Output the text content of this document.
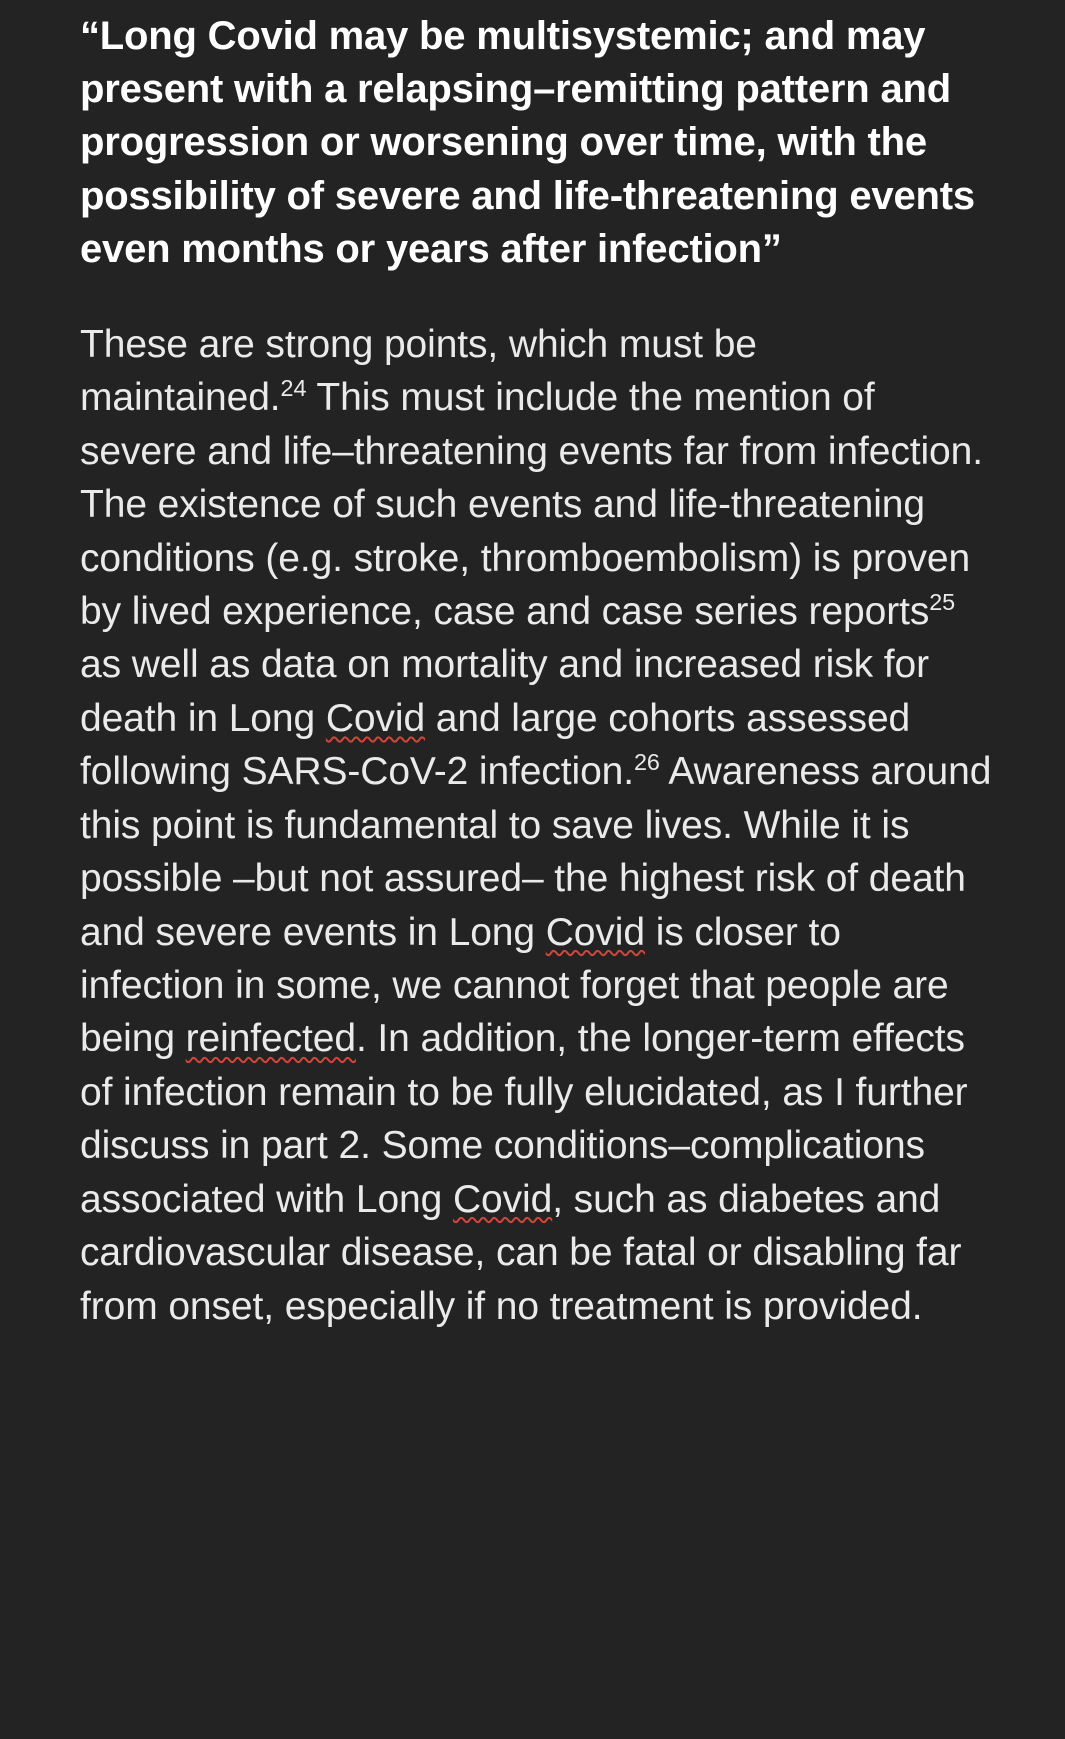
“Long Covid may be multisystemic; and may present with a relapsing–remitting pattern and progression or worsening over time, with the possibility of severe and life-threatening events even months or years after infection”

These are strong points, which must be maintained.$^{24}$ This must include the mention of severe and life–threatening events far from infection. The existence of such events and life-threatening conditions (e.g. stroke, thromboembolism) is proven by lived experience, case and case series reports$^{25}$ as well as data on mortality and increased risk for death in Long Covid and large cohorts assessed following SARS-CoV-2 infection.$^{26}$ Awareness around this point is fundamental to save lives. While it is possible –but not assured– the highest risk of death and severe events in Long Covid is closer to infection in some, we cannot forget that people are being reinfected. In addition, the longer-term effects of infection remain to be fully elucidated, as I further discuss in part 2. Some conditions–complications associated with Long Covid, such as diabetes and cardiovascular disease, can be fatal or disabling far from onset, especially if no treatment is provided.
